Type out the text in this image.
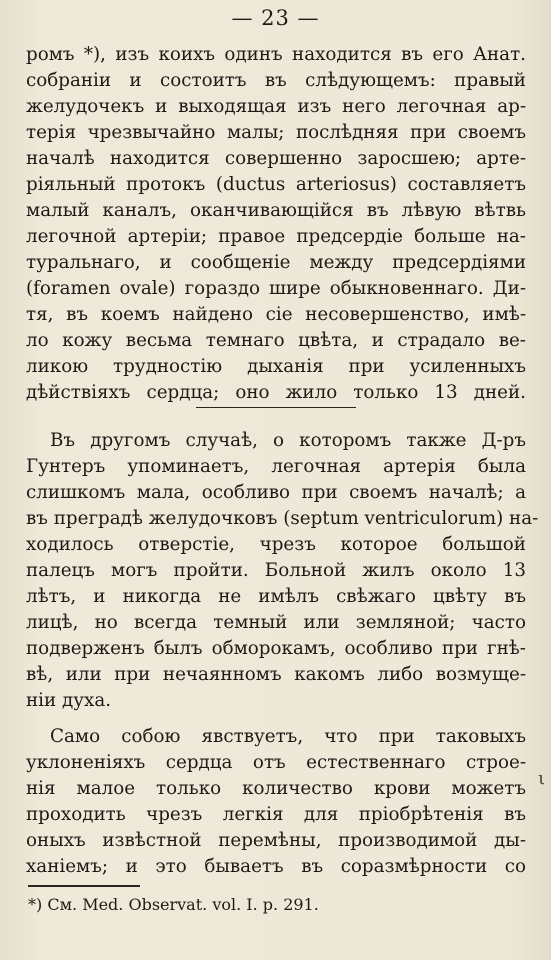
— 23 —
ромъ *), изъ коихъ одинъ находится въ его Анат.
собраніи и состоитъ въ слѣдующемъ: правый
желудочекъ и выходящая изъ него легочная ар-
терія чрезвычайно малы; послѣдняя при своемъ
началѣ находится совершенно заросшею; арте-
ріяльный протокъ (ductus arteriosus) составляетъ
малый каналъ, оканчивающійся въ лѣвую вѣтвь
легочной артеріи; правое предсердіе больше на-
туральнаго, и сообщеніе между предсердіями
(foramen ovale) гораздо шире обыкновеннаго. Ди-
тя, въ коемъ найдено сіе несовершенство, имѣ-
ло кожу весьма темнаго цвѣта, и страдало ве-
ликою трудностію дыханія при усиленныхъ
дѣйствіяхъ сердца; оно жило только 13 дней.
Въ другомъ случаѣ, о которомъ также Д-ръ
Гунтеръ упоминаетъ, легочная артерія была
слишкомъ мала, особливо при своемъ началѣ; а
въ преградѣ желудочковъ (septum ventriculorum) на-
ходилось отверстіе, чрезъ которое большой
палецъ могъ пройти. Больной жилъ около 13
лѣтъ, и никогда не имѣлъ свѣжаго цвѣту въ
лицѣ, но всегда темный или земляной; часто
подверженъ былъ обморокамъ, особливо при гнѣ-
вѣ, или при нечаянномъ какомъ либо возмуще-
ніи духа.
Само собою явствуетъ, что при таковыхъ
уклоненіяхъ сердца отъ естественнаго строе-
нія малое только количество крови можетъ
проходить чрезъ легкія для пріобрѣтенія въ
оныхъ извѣстной перемѣны, производимой ды-
ханіемъ; и это бываетъ въ соразмѣрности со
ι
*) См. Med. Observat. vol. I. p. 291.
